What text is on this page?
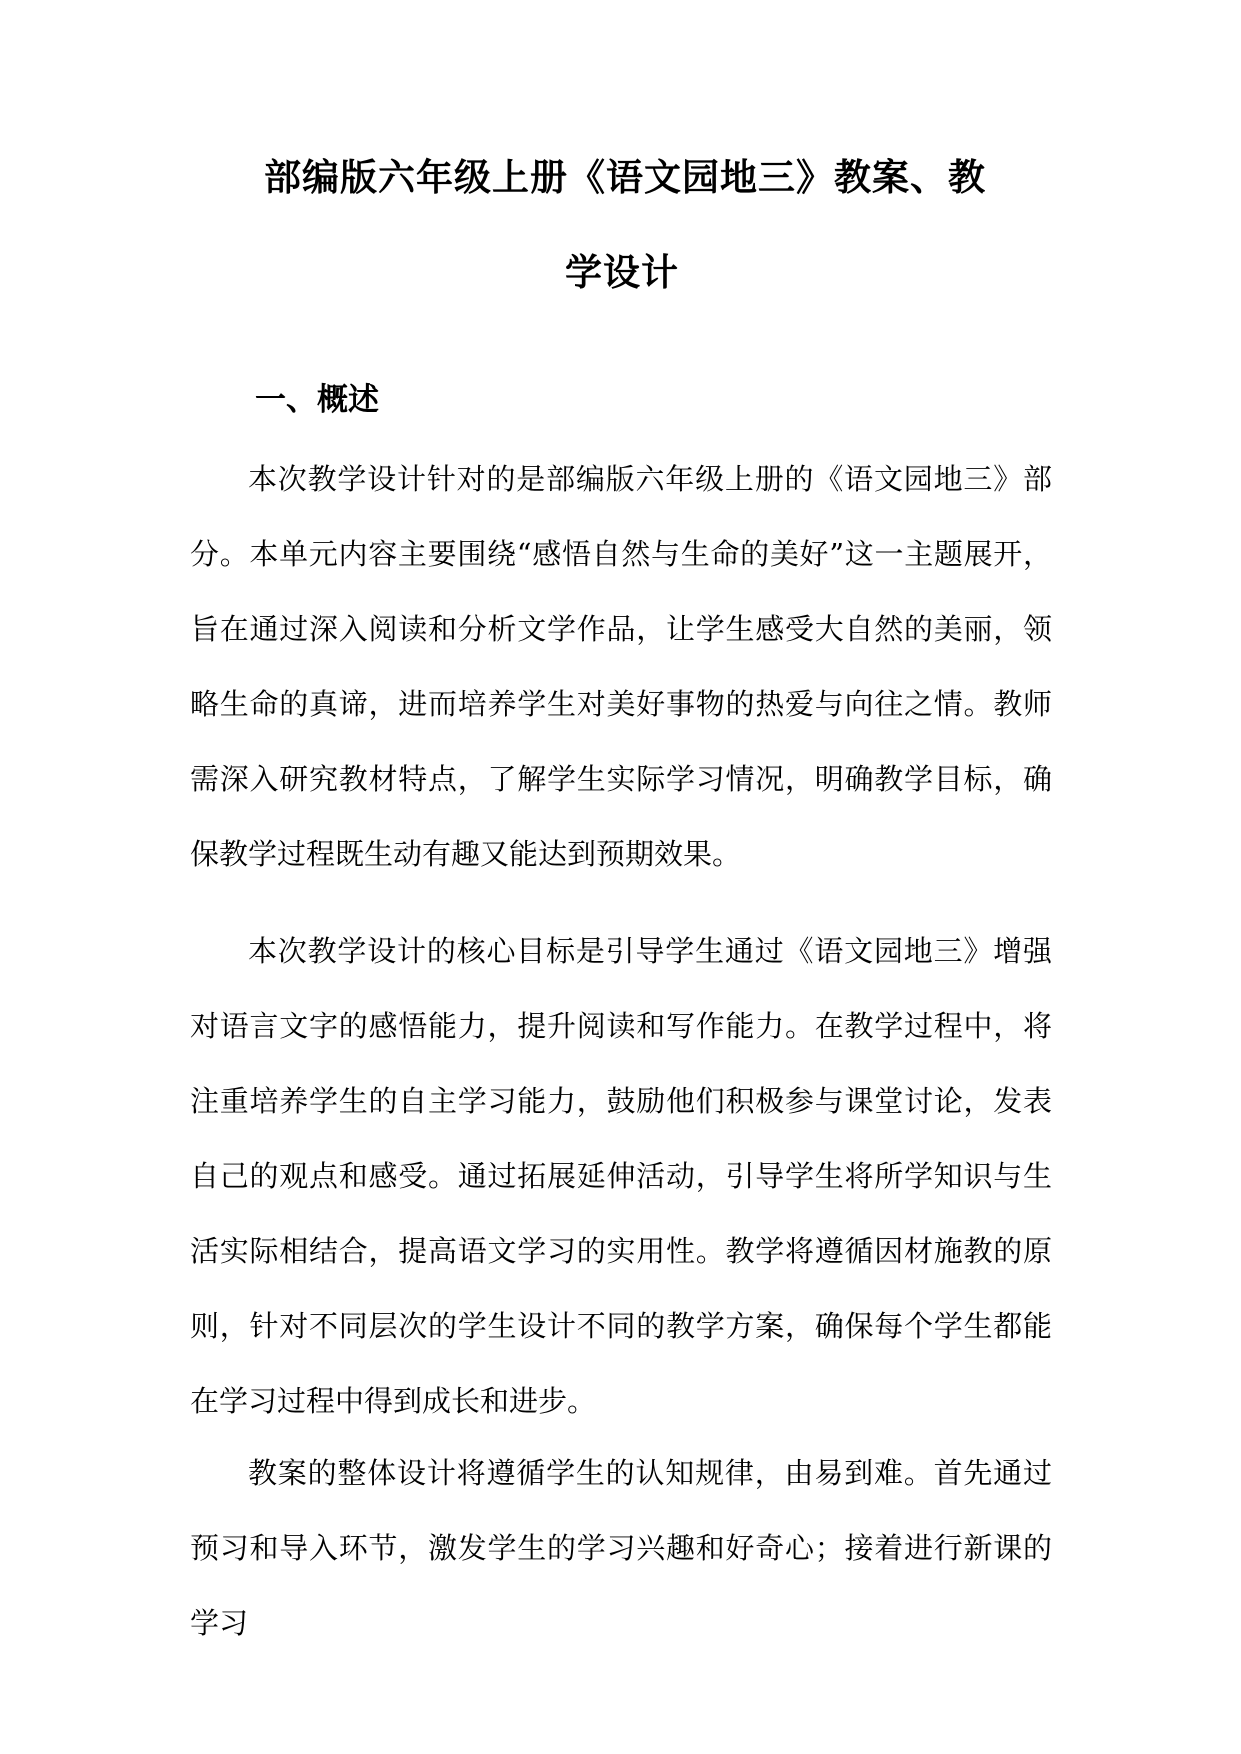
部编版六年级上册《语文园地三》教案、教
学设计
一、概述

本次教学设计针对的是部编版六年级上册的《语文园地三》部分。本单元内容主要围绕“感悟自然与生命的美好”这一主题展开，旨在通过深入阅读和分析文学作品，让学生感受大自然的美丽，领略生命的真谛，进而培养学生对美好事物的热爱与向往之情。教师需深入研究教材特点，了解学生实际学习情况，明确教学目标，确保教学过程既生动有趣又能达到预期效果。

本次教学设计的核心目标是引导学生通过《语文园地三》增强对语言文字的感悟能力，提升阅读和写作能力。在教学过程中，将注重培养学生的自主学习能力，鼓励他们积极参与课堂讨论，发表自己的观点和感受。通过拓展延伸活动，引导学生将所学知识与生活实际相结合，提高语文学习的实用性。教学将遵循因材施教的原则，针对不同层次的学生设计不同的教学方案，确保每个学生都能在学习过程中得到成长和进步。

教案的整体设计将遵循学生的认知规律，由易到难。首先通过预习和导入环节，激发学生的学习兴趣和好奇心；接着进行新课的学习
